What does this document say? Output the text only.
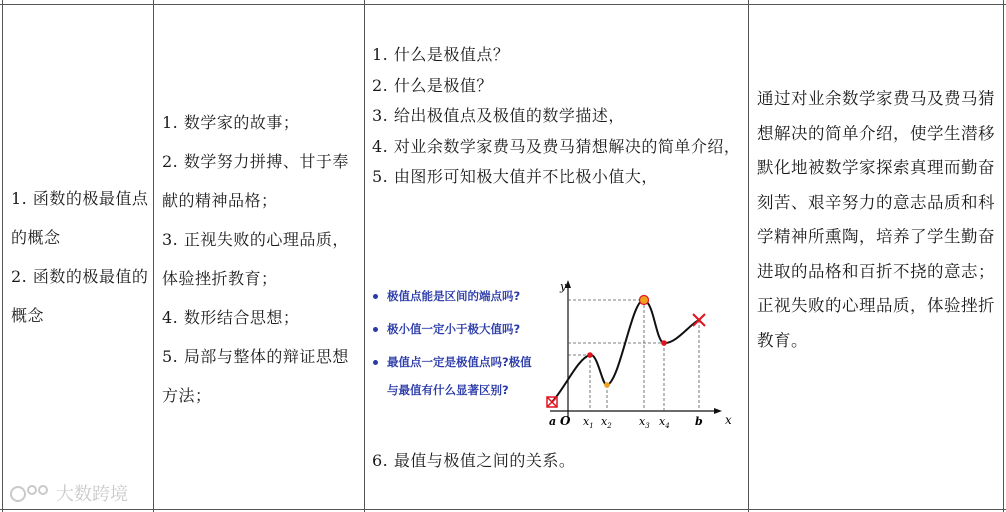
1. 函数的极最值点的概念

2. 函数的极最值的概念

1. 数学家的故事；

2. 数学努力拼搏、甘于奉献的精神品格；

3. 正视失败的心理品质，体验挫折教育；

4. 数形结合思想；

5. 局部与整体的辩证思想方法；

1. 什么是极值点？

2. 什么是极值？

3. 给出极值点及极值的数学描述，

4. 对业余数学家费马及费马猜想解决的简单介绍，

5. 由图形可知极大值并不比极小值大，

极值点能是区间的端点吗?
极小值一定小于极大值吗?
最值点一定是极值点吗?极值
与最值有什么显著区别?
y
x
a O $x_1$ $x_2$ $x_3$ $x_4$ b
6. 最值与极值之间的关系。
通过对业余数学家费马及费马猜想解决的简单介绍，使学生潜移默化地被数学家探索真理而勤奋刻苦、艰辛努力的意志品质和科学精神所熏陶，培养了学生勤奋进取的品格和百折不挠的意志；正视失败的心理品质，体验挫折教育。
大数跨境
